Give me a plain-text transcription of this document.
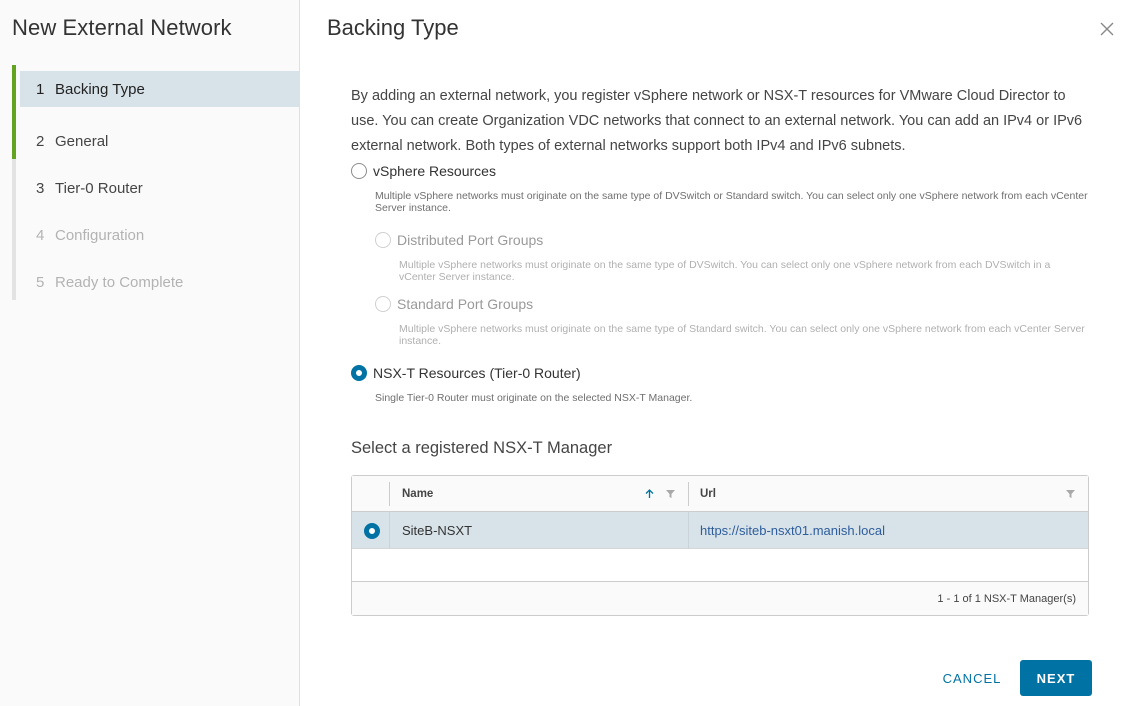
New External Network
1 Backing Type
2 General
3 Tier-0 Router
4 Configuration
5 Ready to Complete
Backing Type
By adding an external network, you register vSphere network or NSX-T resources for VMware Cloud Director to use. You can create Organization VDC networks that connect to an external network. You can add an IPv4 or IPv6 external network. Both types of external networks support both IPv4 and IPv6 subnets.
vSphere Resources
Multiple vSphere networks must originate on the same type of DVSwitch or Standard switch. You can select only one vSphere network from each vCenter Server instance.
Distributed Port Groups
Multiple vSphere networks must originate on the same type of DVSwitch. You can select only one vSphere network from each DVSwitch in a vCenter Server instance.
Standard Port Groups
Multiple vSphere networks must originate on the same type of Standard switch. You can select only one vSphere network from each vCenter Server instance.
NSX-T Resources (Tier-0 Router)
Single Tier-0 Router must originate on the selected NSX-T Manager.
Select a registered NSX-T Manager
Name	Url
SiteB-NSXT	https://siteb-nsxt01.manish.local
1 - 1 of 1 NSX-T Manager(s)
CANCEL	NEXT
